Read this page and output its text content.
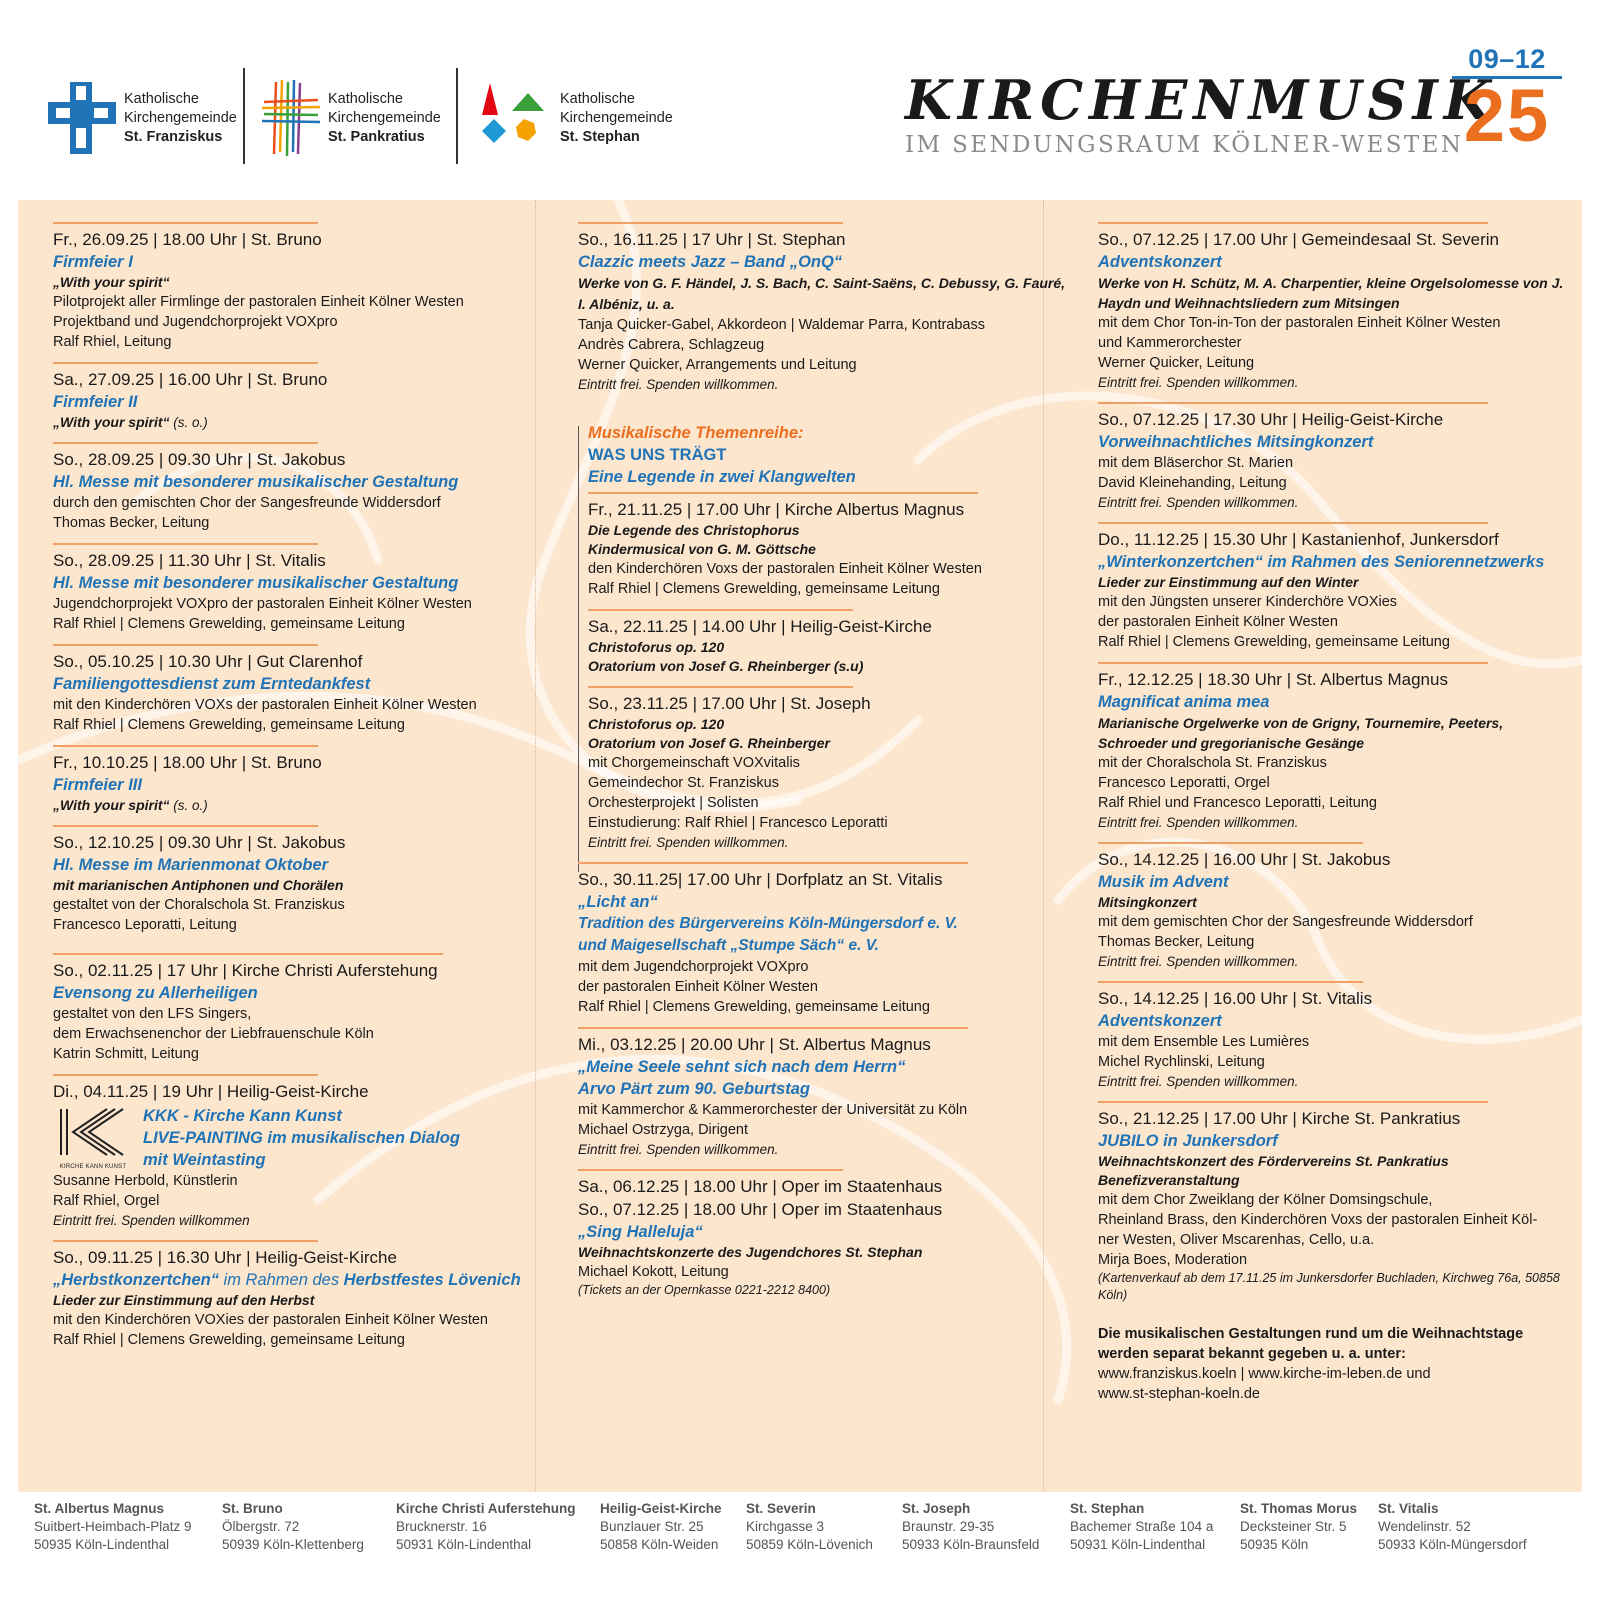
Katholische
Kirchengemeinde
St. Franziskus
Katholische
Kirchengemeinde
St. Pankratius
Katholische
Kirchengemeinde
St. Stephan
KIRCHENMUSIK
IM SENDUNGSRAUM KÖLNER-WESTEN
09–12
25
Fr., 26.09.25 | 18.00 Uhr | St. Bruno
Firmfeier I
„With your spirit“
Pilotprojekt aller Firmlinge der pastoralen Einheit Kölner Westen
Projektband und Jugendchorprojekt VOXpro
Ralf Rhiel, Leitung
Sa., 27.09.25 | 16.00 Uhr | St. Bruno
Firmfeier II
„With your spirit“ (s. o.)
So., 28.09.25 | 09.30 Uhr | St. Jakobus
Hl. Messe mit besonderer musikalischer Gestaltung
durch den gemischten Chor der Sangesfreunde Widdersdorf
Thomas Becker, Leitung
So., 28.09.25 | 11.30 Uhr | St. Vitalis
Hl. Messe mit besonderer musikalischer Gestaltung
Jugendchorprojekt VOXpro der pastoralen Einheit Kölner Westen
Ralf Rhiel | Clemens Grewelding, gemeinsame Leitung
So., 05.10.25 | 10.30 Uhr | Gut Clarenhof
Familiengottesdienst zum Erntedankfest
mit den Kinderchören VOXs der pastoralen Einheit Kölner Westen
Ralf Rhiel | Clemens Grewelding, gemeinsame Leitung
Fr., 10.10.25 | 18.00 Uhr | St. Bruno
Firmfeier III
„With your spirit“ (s. o.)
So., 12.10.25 | 09.30 Uhr | St. Jakobus
Hl. Messe im Marienmonat Oktober
mit marianischen Antiphonen und Chorälen
gestaltet von der Choralschola St. Franziskus
Francesco Leporatti, Leitung
So., 02.11.25 | 17 Uhr | Kirche Christi Auferstehung
Evensong zu Allerheiligen
gestaltet von den LFS Singers,
dem Erwachsenenchor der Liebfrauenschule Köln
Katrin Schmitt, Leitung
Di., 04.11.25 | 19 Uhr | Heilig-Geist-Kirche
KIRCHE KANN KUNST
KKK - Kirche Kann Kunst
LIVE-PAINTING im musikalischen Dialog
mit Weintasting
Susanne Herbold, Künstlerin
Ralf Rhiel, Orgel
Eintritt frei. Spenden willkommen
So., 09.11.25 | 16.30 Uhr | Heilig-Geist-Kirche
„Herbstkonzertchen“ im Rahmen des Herbstfestes Lövenich
Lieder zur Einstimmung auf den Herbst
mit den Kinderchören VOXies der pastoralen Einheit Kölner Westen
Ralf Rhiel | Clemens Grewelding, gemeinsame Leitung
So., 16.11.25 | 17 Uhr | St. Stephan
Clazzic meets Jazz – Band „OnQ“
Werke von G. F. Händel, J. S. Bach, C. Saint-Saëns, C. Debussy, G. Fauré, I. Albéniz, u. a.
Tanja Quicker-Gabel, Akkordeon | Waldemar Parra, Kontrabass
Andrès Cabrera, Schlagzeug
Werner Quicker, Arrangements und Leitung
Eintritt frei. Spenden willkommen.
Musikalische Themenreihe:
WAS UNS TRÄGT
Eine Legende in zwei Klangwelten
Fr., 21.11.25 | 17.00 Uhr | Kirche Albertus Magnus
Die Legende des Christophorus
Kindermusical von G. M. Göttsche
den Kinderchören Voxs der pastoralen Einheit Kölner Westen
Ralf Rhiel | Clemens Grewelding, gemeinsame Leitung
Sa., 22.11.25 | 14.00 Uhr | Heilig-Geist-Kirche
Christoforus op. 120
Oratorium von Josef G. Rheinberger (s.u)
So., 23.11.25 | 17.00 Uhr | St. Joseph
Christoforus op. 120
Oratorium von Josef G. Rheinberger
mit Chorgemeinschaft VOXvitalis
Gemeindechor St. Franziskus
Orchesterprojekt | Solisten
Einstudierung: Ralf Rhiel | Francesco Leporatti
Eintritt frei. Spenden willkommen.
So., 30.11.25| 17.00 Uhr | Dorfplatz an St. Vitalis
„Licht an“
Tradition des Bürgervereins Köln-Müngersdorf e. V.
und Maigesellschaft „Stumpe Säch“ e. V.
mit dem Jugendchorprojekt VOXpro
der pastoralen Einheit Kölner Westen
Ralf Rhiel | Clemens Grewelding, gemeinsame Leitung
Mi., 03.12.25 | 20.00 Uhr | St. Albertus Magnus
„Meine Seele sehnt sich nach dem Herrn“
Arvo Pärt zum 90. Geburtstag
mit Kammerchor & Kammerorchester der Universität zu Köln
Michael Ostrzyga, Dirigent
Eintritt frei. Spenden willkommen.
Sa., 06.12.25 | 18.00 Uhr | Oper im Staatenhaus
So., 07.12.25 | 18.00 Uhr | Oper im Staatenhaus
„Sing Halleluja“
Weihnachtskonzerte des Jugendchores St. Stephan
Michael Kokott, Leitung
(Tickets an der Opernkasse 0221-2212 8400)
So., 07.12.25 | 17.00 Uhr | Gemeindesaal St. Severin
Adventskonzert
Werke von H. Schütz, M. A. Charpentier, kleine Orgelsolomesse von J. Haydn und Weihnachtsliedern zum Mitsingen
mit dem Chor Ton-in-Ton der pastoralen Einheit Kölner Westen
und Kammerorchester
Werner Quicker, Leitung
Eintritt frei. Spenden willkommen.
So., 07.12.25 | 17.30 Uhr | Heilig-Geist-Kirche
Vorweihnachtliches Mitsingkonzert
mit dem Bläserchor St. Marien
David Kleinehanding, Leitung
Eintritt frei. Spenden willkommen.
Do., 11.12.25 | 15.30 Uhr | Kastanienhof, Junkersdorf
„Winterkonzertchen“ im Rahmen des Seniorennetzwerks
Lieder zur Einstimmung auf den Winter
mit den Jüngsten unserer Kinderchöre VOXies
der pastoralen Einheit Kölner Westen
Ralf Rhiel | Clemens Grewelding, gemeinsame Leitung
Fr., 12.12.25 | 18.30 Uhr | St. Albertus Magnus
Magnificat anima mea
Marianische Orgelwerke von de Grigny, Tournemire, Peeters, Schroeder und gregorianische Gesänge
mit der Choralschola St. Franziskus
Francesco Leporatti, Orgel
Ralf Rhiel und Francesco Leporatti, Leitung
Eintritt frei. Spenden willkommen.
So., 14.12.25 | 16.00 Uhr | St. Jakobus
Musik im Advent
Mitsingkonzert
mit dem gemischten Chor der Sangesfreunde Widdersdorf
Thomas Becker, Leitung
Eintritt frei. Spenden willkommen.
So., 14.12.25 | 16.00 Uhr | St. Vitalis
Adventskonzert
mit dem Ensemble Les Lumières
Michel Rychlinski, Leitung
Eintritt frei. Spenden willkommen.
So., 21.12.25 | 17.00 Uhr | Kirche St. Pankratius
JUBILO in Junkersdorf
Weihnachtskonzert des Fördervereins St. Pankratius
Benefizveranstaltung
mit dem Chor Zweiklang der Kölner Domsingschule,
Rheinland Brass, den Kinderchören Voxs der pastoralen Einheit Köl-
ner Westen, Oliver Mscarenhas, Cello, u.a.
Mirja Boes, Moderation
(Kartenverkauf ab dem 17.11.25 im Junkersdorfer Buchladen, Kirchweg 76a, 50858 Köln)
Die musikalischen Gestaltungen rund um die Weihnachtstage werden separat bekannt gegeben u. a. unter:
www.franziskus.koeln | www.kirche-im-leben.de und
www.st-stephan-koeln.de
St. Albertus Magnus
Suitbert-Heimbach-Platz 9
50935 Köln-Lindenthal
St. Bruno
Ölbergstr. 72
50939 Köln-Klettenberg
Kirche Christi Auferstehung
Brucknerstr. 16
50931 Köln-Lindenthal
Heilig-Geist-Kirche
Bunzlauer Str. 25
50858 Köln-Weiden
St. Severin
Kirchgasse 3
50859 Köln-Lövenich
St. Joseph
Braunstr. 29-35
50933 Köln-Braunsfeld
St. Stephan
Bachemer Straße 104 a
50931 Köln-Lindenthal
St. Thomas Morus
Decksteiner Str. 5
50935 Köln
St. Vitalis
Wendelinstr. 52
50933 Köln-Müngersdorf
